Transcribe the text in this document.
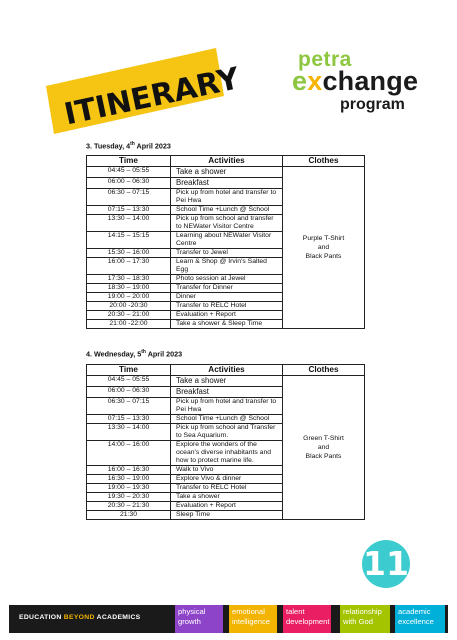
ITINERARY
petra
exchange
program
3. Tuesday, 4th April 2023
Time	Activities	Clothes
04:45 – 05:55	Take a shower	Purple T-Shirt
and
Black Pants

06:00 – 06:30	Breakfast	
06:30 – 07:15	Pick up from hotel and transfer to Pei Hwa	
07:15 – 13:30	School Time +Lunch @ School	
13:30 – 14:00	Pick up from school and transfer to NEWater Visitor Centre	
14:15 – 15:15	Learning about NEWater Visitor Centre	
15:30 – 16:00	Transfer to Jewel	
16:00 – 17:30	Learn & Shop @ Irvin's Salted Egg	
17:30 – 18:30	Photo session at Jewel	
18:30 – 19:00	Transfer for Dinner	
19:00 – 20:00	Dinner	
20:00 -20:30	Transfer to RELC Hotel	
20:30 – 21:00	Evaluation + Report	
21:00 -22:00	Take a shower & Sleep Time	
4. Wednesday, 5th April 2023
Time	Activities	Clothes
04:45 – 05:55	Take a shower	Green T-Shirt
and
Black Pants

06:00 – 06:30	Breakfast	
06:30 – 07:15	Pick up from hotel and transfer to Pei Hwa	
07:15 – 13:30	School Time +Lunch @ School	
13:30 – 14:00	Pick up from school and Transfer to Sea Aquarium.	
14:00 – 16:00	Explore the wonders of the ocean's diverse inhabitants and how to protect marine life.	
16:00 – 16:30	Walk to Vivo	
16:30 – 19:00	Explore Vivo & dinner	
19:00 – 19:30	Transfer to RELC Hotel	
19:30 – 20:30	Take a shower	
20:30 – 21:30	Evaluation + Report	
21:30	Sleep Time	
11
EDUCATION BEYOND ACADEMICS
physical
growth
emotional
intelligence
talent
development
relationship
with God
academic
excellence
